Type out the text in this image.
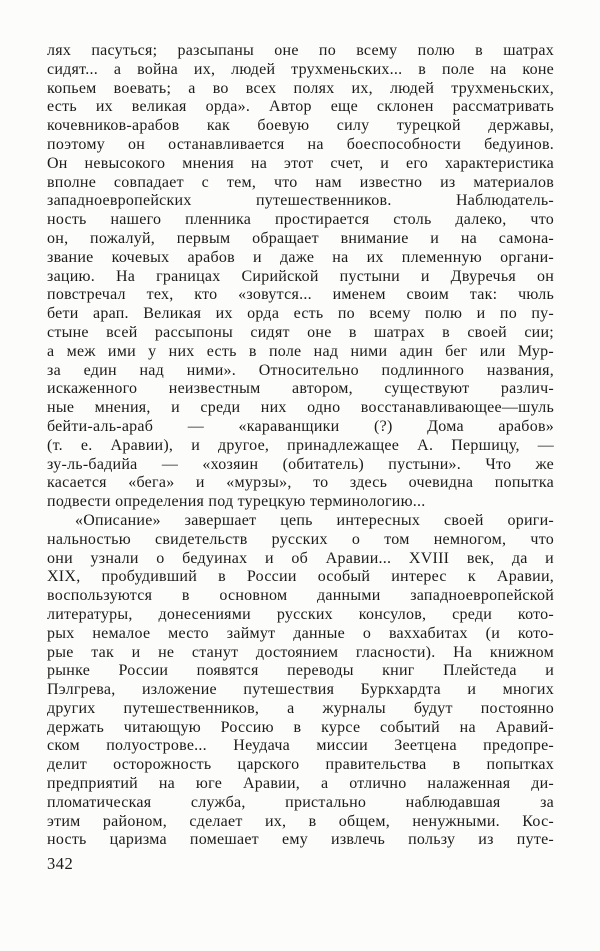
лях пасуться; разсыпаны оне по всему полю в шатрах
сидят... а война их, людей трухменьских... в поле на коне
копьем воевать; а во всех полях их, людей трухменьских,
есть их великая орда». Автор еще склонен рассматривать
кочевников-арабов как боевую силу турецкой державы,
поэтому он останавливается на боеспособности бедуинов.
Он невысокого мнения на этот счет, и его характеристика
вполне совпадает с тем, что нам известно из материалов
западноевропейских путешественников. Наблюдатель-
ность нашего пленника простирается столь далеко, что
он, пожалуй, первым обращает внимание и на самона-
звание кочевых арабов и даже на их племенную органи-
зацию. На границах Сирийской пустыни и Двуречья он
повстречал тех, кто «зовутся... именем своим так: чюль
бети арап. Великая их орда есть по всему полю и по пу-
стыне всей рассыпоны сидят оне в шатрах в своей сии;
а меж ими у них есть в поле над ними адин бег или Мур-
за един над ними». Относительно подлинного названия,
искаженного неизвестным автором, существуют различ-
ные мнения, и среди них одно восстанавливающее—шуль
бейти-аль-араб — «караванщики (?) Дома арабов»
(т. е. Аравии), и другое, принадлежащее А. Першицу, —
зу-ль-бадийа — «хозяин (обитатель) пустыни». Что же
касается «бега» и «мурзы», то здесь очевидна попытка
подвести определения под турецкую терминологию...
«Описание» завершает цепь интересных своей ориги-
нальностью свидетельств русских о том немногом, что
они узнали о бедуинах и об Аравии... XVIII век, да и
XIX, пробудивший в России особый интерес к Аравии,
воспользуются в основном данными западноевропейской
литературы, донесениями русских консулов, среди кото-
рых немалое место займут данные о ваххабитах (и кото-
рые так и не станут достоянием гласности). На книжном
рынке России появятся переводы книг Плейстеда и
Пэлгрева, изложение путешествия Буркхардта и многих
других путешественников, а журналы будут постоянно
держать читающую Россию в курсе событий на Аравий-
ском полуострове... Неудача миссии Зеетцена предопре-
делит осторожность царского правительства в попытках
предприятий на юге Аравии, а отлично налаженная ди-
пломатическая служба, пристально наблюдавшая за
этим районом, сделает их, в общем, ненужными. Кос-
ность царизма помешает ему извлечь пользу из путе-
342
